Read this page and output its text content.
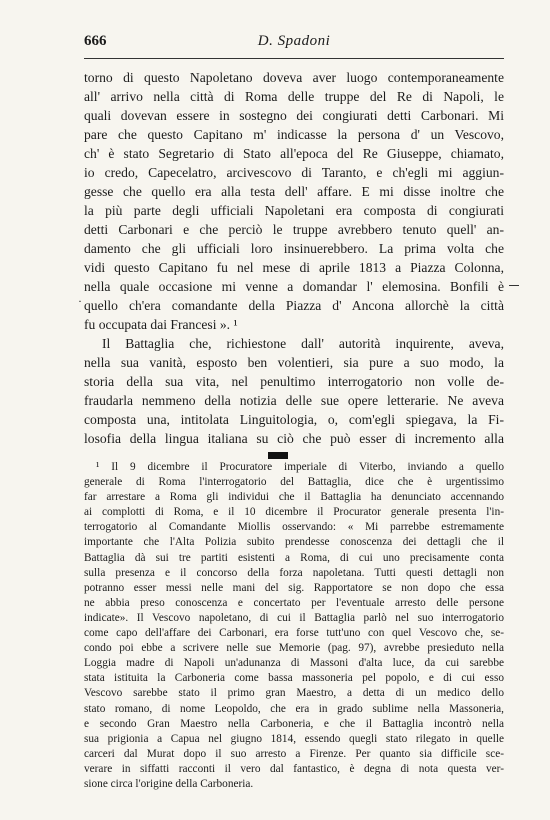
666	D. Spadoni
·
torno di questo Napoletano doveva aver luogo contemporaneamente
all' arrivo nella città di Roma delle truppe del Re di Napoli, le
quali dovevan essere in sostegno dei congiurati detti Carbonari. Mi
pare che questo Capitano m' indicasse la persona d' un Vescovo,
ch' è stato Segretario di Stato all'epoca del Re Giuseppe, chiamato,
io credo, Capecelatro, arcivescovo di Taranto, e ch'egli mi aggiun-
gesse che quello era alla testa dell' affare. E mi disse inoltre che
la più parte degli ufficiali Napoletani era composta di congiurati
detti Carbonari e che perciò le truppe avrebbero tenuto quell' an-
damento che gli ufficiali loro insinuerebbero. La prima volta che
vidi questo Capitano fu nel mese di aprile 1813 a Piazza Colonna,
nella quale occasione mi venne a domandar l' elemosina. Bonfili è
quello ch'era comandante della Piazza d' Ancona allorchè la città
fu occupata dai Francesi ». ¹
Il Battaglia che, richiestone dall' autorità inquirente, aveva,
nella sua vanità, esposto ben volentieri, sia pure a suo modo, la
storia della sua vita, nel penultimo interrogatorio non volle de-
fraudarla nemmeno della notizia delle sue opere letterarie. Ne aveva
composta una, intitolata Linguitologia, o, com'egli spiegava, la Fi-
losofia della lingua italiana su ciò che può esser di incremento alla
¹ Il 9 dicembre il Procuratore imperiale di Viterbo, inviando a quello
generale di Roma l'interrogatorio del Battaglia, dice che è urgentissimo
far arrestare a Roma gli individui che il Battaglia ha denunciato accennando
ai complotti di Roma, e il 10 dicembre il Procurator generale presenta l'in-
terrogatorio al Comandante Miollis osservando: « Mi parrebbe estremamente
importante che l'Alta Polizia subito prendesse conoscenza dei dettagli che il
Battaglia dà sui tre partiti esistenti a Roma, di cui uno precisamente conta
sulla presenza e il concorso della forza napoletana. Tutti questi dettagli non
potranno esser messi nelle mani del sig. Rapportatore se non dopo che essa
ne abbia preso conoscenza e concertato per l'eventuale arresto delle persone
indicate». Il Vescovo napoletano, di cui il Battaglia parlò nel suo interrogatorio
come capo dell'affare dei Carbonari, era forse tutt'uno con quel Vescovo che, se-
condo poi ebbe a scrivere nelle sue Memorie (pag. 97), avrebbe presieduto nella
Loggia madre di Napoli un'adunanza di Massoni d'alta luce, da cui sarebbe
stata istituita la Carboneria come bassa massoneria pel popolo, e di cui esso
Vescovo sarebbe stato il primo gran Maestro, a detta di un medico dello
stato romano, di nome Leopoldo, che era in grado sublime nella Massoneria,
e secondo Gran Maestro nella Carboneria, e che il Battaglia incontrò nella
sua prigionia a Capua nel giugno 1814, essendo quegli stato rilegato in quelle
carceri dal Murat dopo il suo arresto a Firenze. Per quanto sia difficile sce-
verare in siffatti racconti il vero dal fantastico, è degna di nota questa ver-
sione circa l'origine della Carboneria.
